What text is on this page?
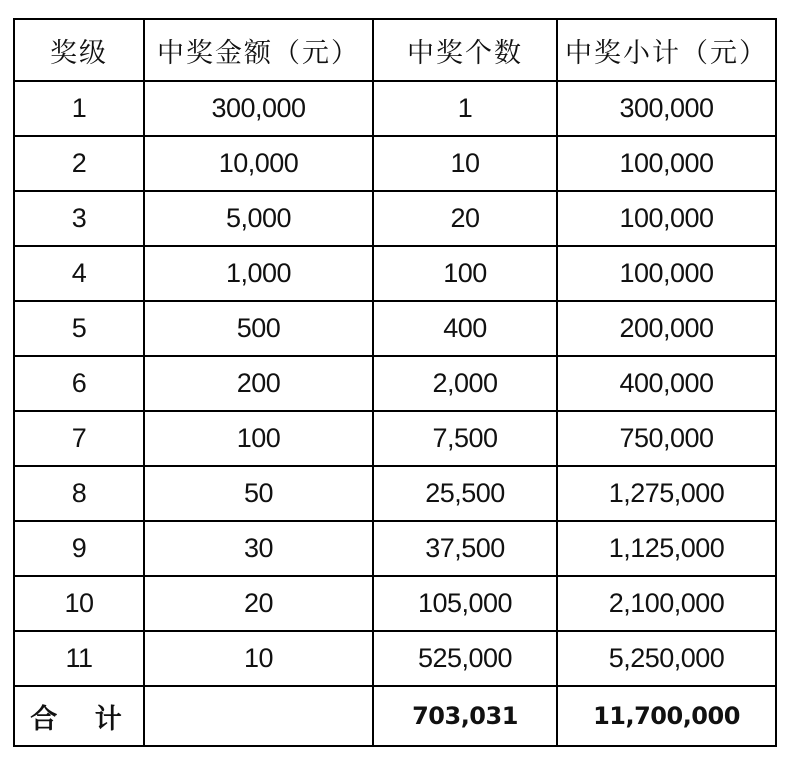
奖级	中奖金额（元）	中奖个数	中奖小计（元）
1	300,000	1	300,000
2	10,000	10	100,000
3	5,000	20	100,000
4	1,000	100	100,000
5	500	400	200,000
6	200	2,000	400,000
7	100	7,500	750,000
8	50	25,500	1,275,000
9	30	37,500	1,125,000
10	20	105,000	2,100,000
11	10	525,000	5,250,000
合 计		703,031	11,700,000
